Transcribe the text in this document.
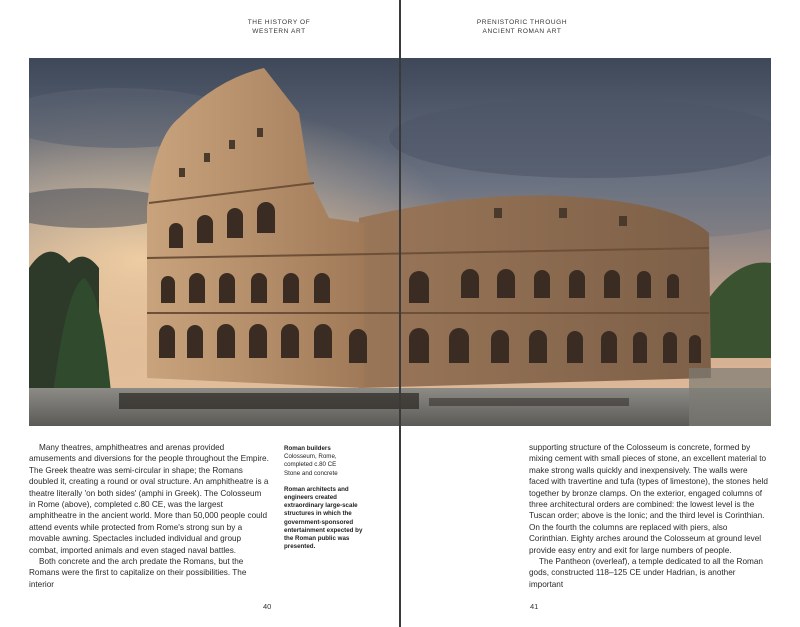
THE HISTORY OF
WESTERN ART
PRENISTORIC THROUGH
ANCIENT ROMAN ART

Many theatres, amphitheatres and arenas provided amusements and diversions for the people throughout the Empire. The Greek theatre was semi-circular in shape; the Romans doubled it, creating a round or oval structure. An amphitheatre is a theatre literally 'on both sides' (amphi in Greek). The Colosseum in Rome (above), completed c.80 CE, was the largest amphitheatre in the ancient world. More than 50,000 people could attend events while protected from Rome's strong sun by a movable awning. Spectacles included individual and group combat, imported animals and even staged naval battles.

Both concrete and the arch predate the Romans, but the Romans were the first to capitalize on their possibilities. The interior

Roman builders
Colosseum, Rome,
completed c.80 CE
Stone and concrete
Roman architects and engineers created extraordinary large-scale structures in which the government-sponsored entertainment expected by the Roman public was presented.

supporting structure of the Colosseum is concrete, formed by mixing cement with small pieces of stone, an excellent material to make strong walls quickly and inexpensively. The walls were faced with travertine and tufa (types of limestone), the stones held together by bronze clamps. On the exterior, engaged columns of three architectural orders are combined: the lowest level is the Tuscan order; above is the Ionic; and the third level is Corinthian. On the fourth the columns are replaced with piers, also Corinthian. Eighty arches around the Colosseum at ground level provide easy entry and exit for large numbers of people.

The Pantheon (overleaf), a temple dedicated to all the Roman gods, constructed 118–125 CE under Hadrian, is another important

40	41
